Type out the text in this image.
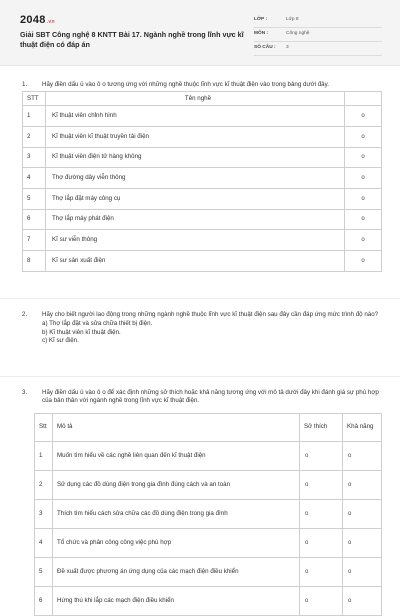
2048.vn
Giải SBT Công nghệ 8 KNTT Bài 17. Ngành nghề trong lĩnh vực kĩ thuật điện có đáp án
LỚP :	Lớp 8
MÔN :	Công nghệ
SỐ CÂU :	3
1.	Hãy điền dấu ü vào ô o tương ứng với những nghề thuộc lĩnh vực kĩ thuật điện vào trong bảng dưới đây.
STT	Tên nghề	
1	Kĩ thuật viên chỉnh hình	o
2	Kĩ thuật viên kĩ thuật truyền tải điện	o
3	Kĩ thuật viên điện tử hàng không	o
4	Thợ đường dây viễn thông	o
5	Thợ lắp đặt máy công cụ	o
6	Thợ lắp máy phát điện	o
7	Kĩ sư viễn thông	o
8	Kĩ sư sản xuất điện	o
2.	Hãy cho biết người lao động trong những ngành nghề thuộc lĩnh vực kĩ thuật điện sau đây cần đáp ứng mức trình độ nào?
a) Thợ lắp đặt và sửa chữa thiết bị điện.
b) Kĩ thuật viên kĩ thuật điện.
c) Kĩ sư điện.
3.	Hãy điền dấu ü vào ô o để xác định những sở thích hoặc khả năng tương ứng với mô tả dưới đây khi đánh giá sự phù hợp của bản thân với ngành nghề trong lĩnh vực kĩ thuật điện.
Stt	Mô tả	Sở thích	Khả năng
1	Muốn tìm hiểu về các nghề liên quan đến kĩ thuật điện	o	o
2	Sử dụng các đồ dùng điện trong gia đình đúng cách và an toàn	o	o
3	Thích tìm hiểu cách sửa chữa các đồ dùng điện trong gia đình	o	o
4	Tổ chức và phân công công việc phù hợp	o	o
5	Đề xuất được phương án ứng dụng của các mạch điện điều khiển	o	o
6	Hứng thú khi lắp các mạch điện điều khiển	o	o
